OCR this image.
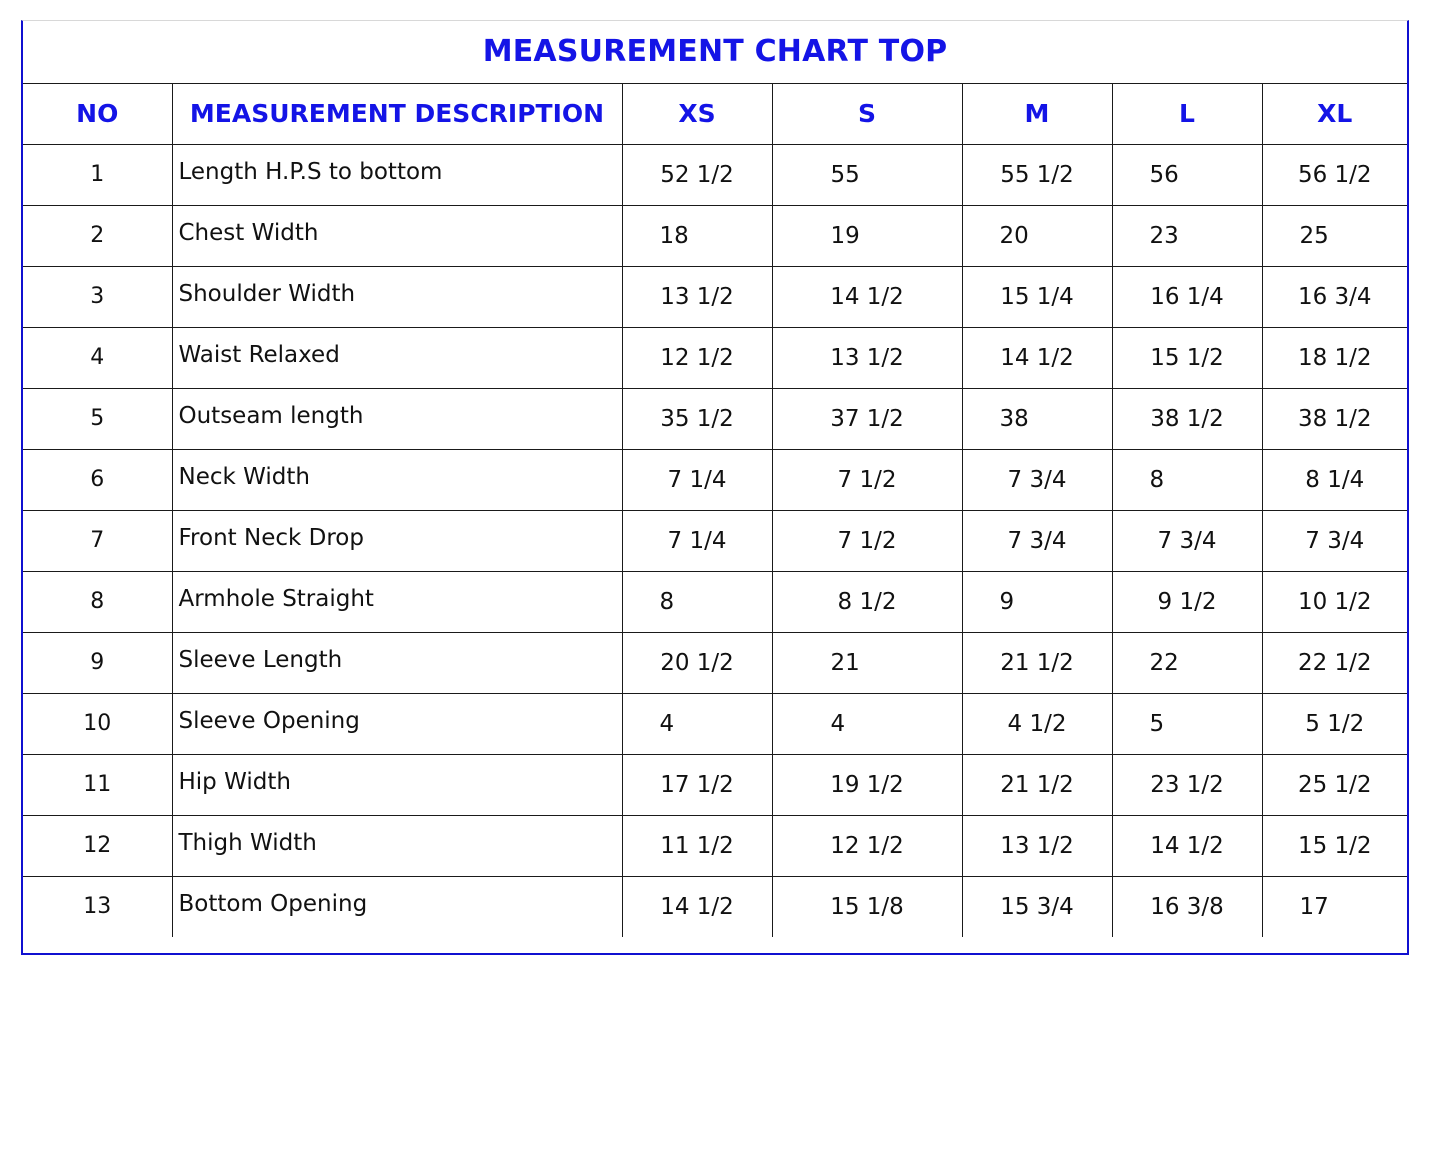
MEASUREMENT CHART TOP						
NO	MEASUREMENT DESCRIPTION	XS	S	M	L	XL
1	Length H.P.S to bottom	52 1/2	55	55 1/2	56	56 1/2
2	Chest Width	18	19	20	23	25
3	Shoulder Width	13 1/2	14 1/2	15 1/4	16 1/4	16 3/4
4	Waist Relaxed	12 1/2	13 1/2	14 1/2	15 1/2	18 1/2
5	Outseam length	35 1/2	37 1/2	38	38 1/2	38 1/2
6	Neck Width	7 1/4	7 1/2	7 3/4	8	8 1/4
7	Front Neck Drop	7 1/4	7 1/2	7 3/4	7 3/4	7 3/4
8	Armhole Straight	8	8 1/2	9	9 1/2	10 1/2
9	Sleeve Length	20 1/2	21	21 1/2	22	22 1/2
10	Sleeve Opening	4	4	4 1/2	5	5 1/2
11	Hip Width	17 1/2	19 1/2	21 1/2	23 1/2	25 1/2
12	Thigh Width	11 1/2	12 1/2	13 1/2	14 1/2	15 1/2
13	Bottom Opening	14 1/2	15 1/8	15 3/4	16 3/8	17
